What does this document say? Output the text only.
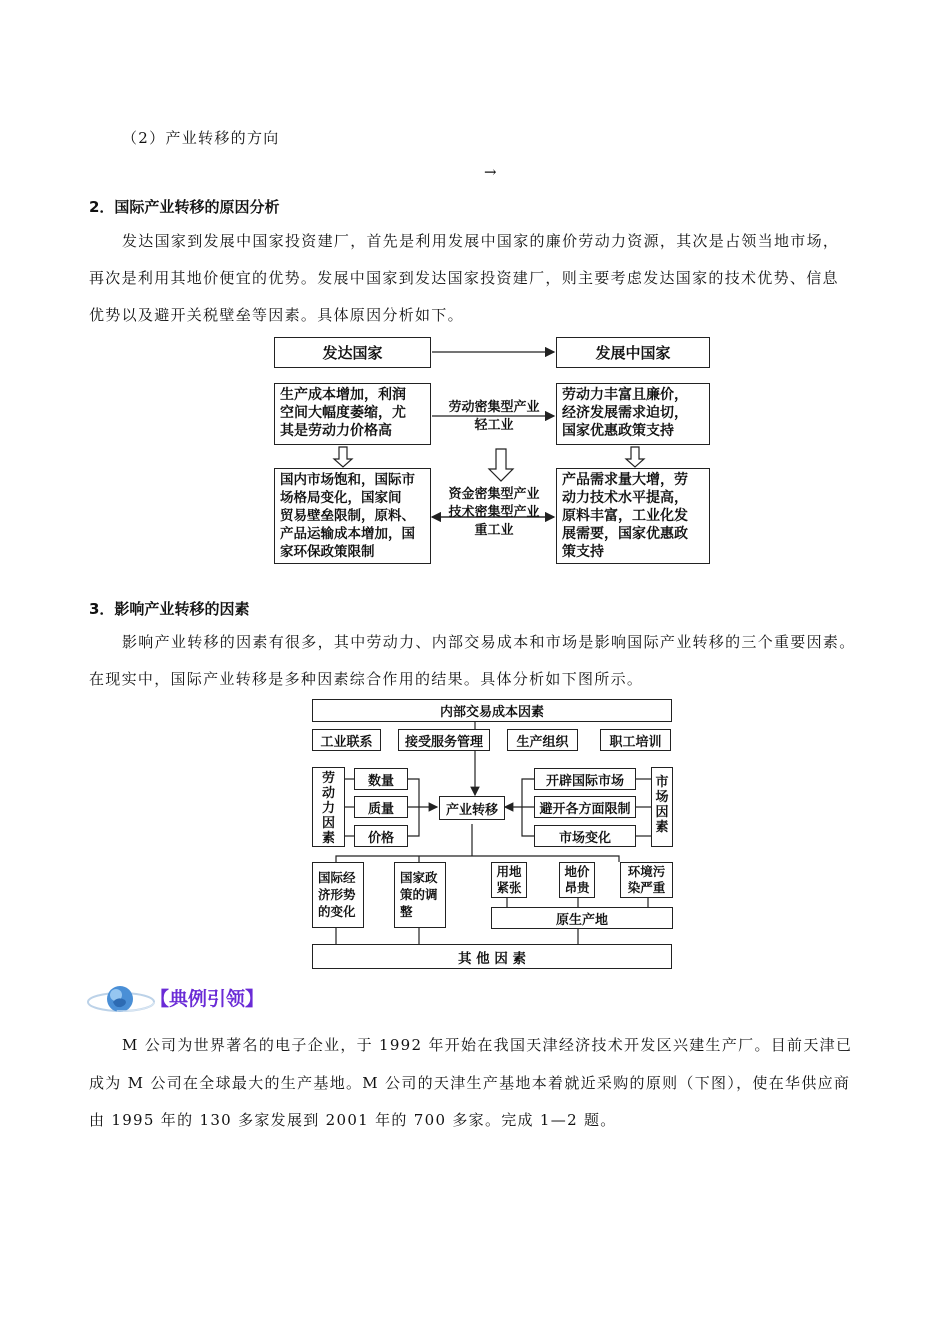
（2）产业转移的方向
→
2．国际产业转移的原因分析
发达国家到发展中国家投资建厂，首先是利用发展中国家的廉价劳动力资源，其次是占领当地市场，
再次是利用其地价便宜的优势。发展中国家到发达国家投资建厂，则主要考虑发达国家的技术优势、信息
优势以及避开关税壁垒等因素。具体原因分析如下。
发达国家	发展中国家
生产成本增加，利润
空间大幅度萎缩，尤
其是劳动力价格高
劳动力丰富且廉价，
经济发展需求迫切，
国家优惠政策支持
劳动密集型产业
轻工业
国内市场饱和，国际市
场格局变化，国家间
贸易壁垒限制，原料、
产品运输成本增加，国
家环保政策限制
产品需求量大增，劳
动力技术水平提高，
原料丰富，工业化发
展需要，国家优惠政
策支持
资金密集型产业
技术密集型产业
重工业
3．影响产业转移的因素
影响产业转移的因素有很多，其中劳动力、内部交易成本和市场是影响国际产业转移的三个重要因素。
在现实中，国际产业转移是多种因素综合作用的结果。具体分析如下图所示。
内部交易成本因素
工业联系	接受服务管理	生产组织	职工培训
劳
动
力
因
素
数量
质量
价格
产业转移
开辟国际市场
避开各方面限制
市场变化
市
场
因
素
国际经
济形势
的变化
国家政
策的调
整
用地
紧张
地价
昂贵
环境污
染严重
原生产地
其 他 因 素
【典例引领】
M 公司为世界著名的电子企业，于 1992 年开始在我国天津经济技术开发区兴建生产厂。目前天津已
成为 M 公司在全球最大的生产基地。M 公司的天津生产基地本着就近采购的原则（下图），使在华供应商
由 1995 年的 130 多家发展到 2001 年的 700 多家。完成 1—2 题。
